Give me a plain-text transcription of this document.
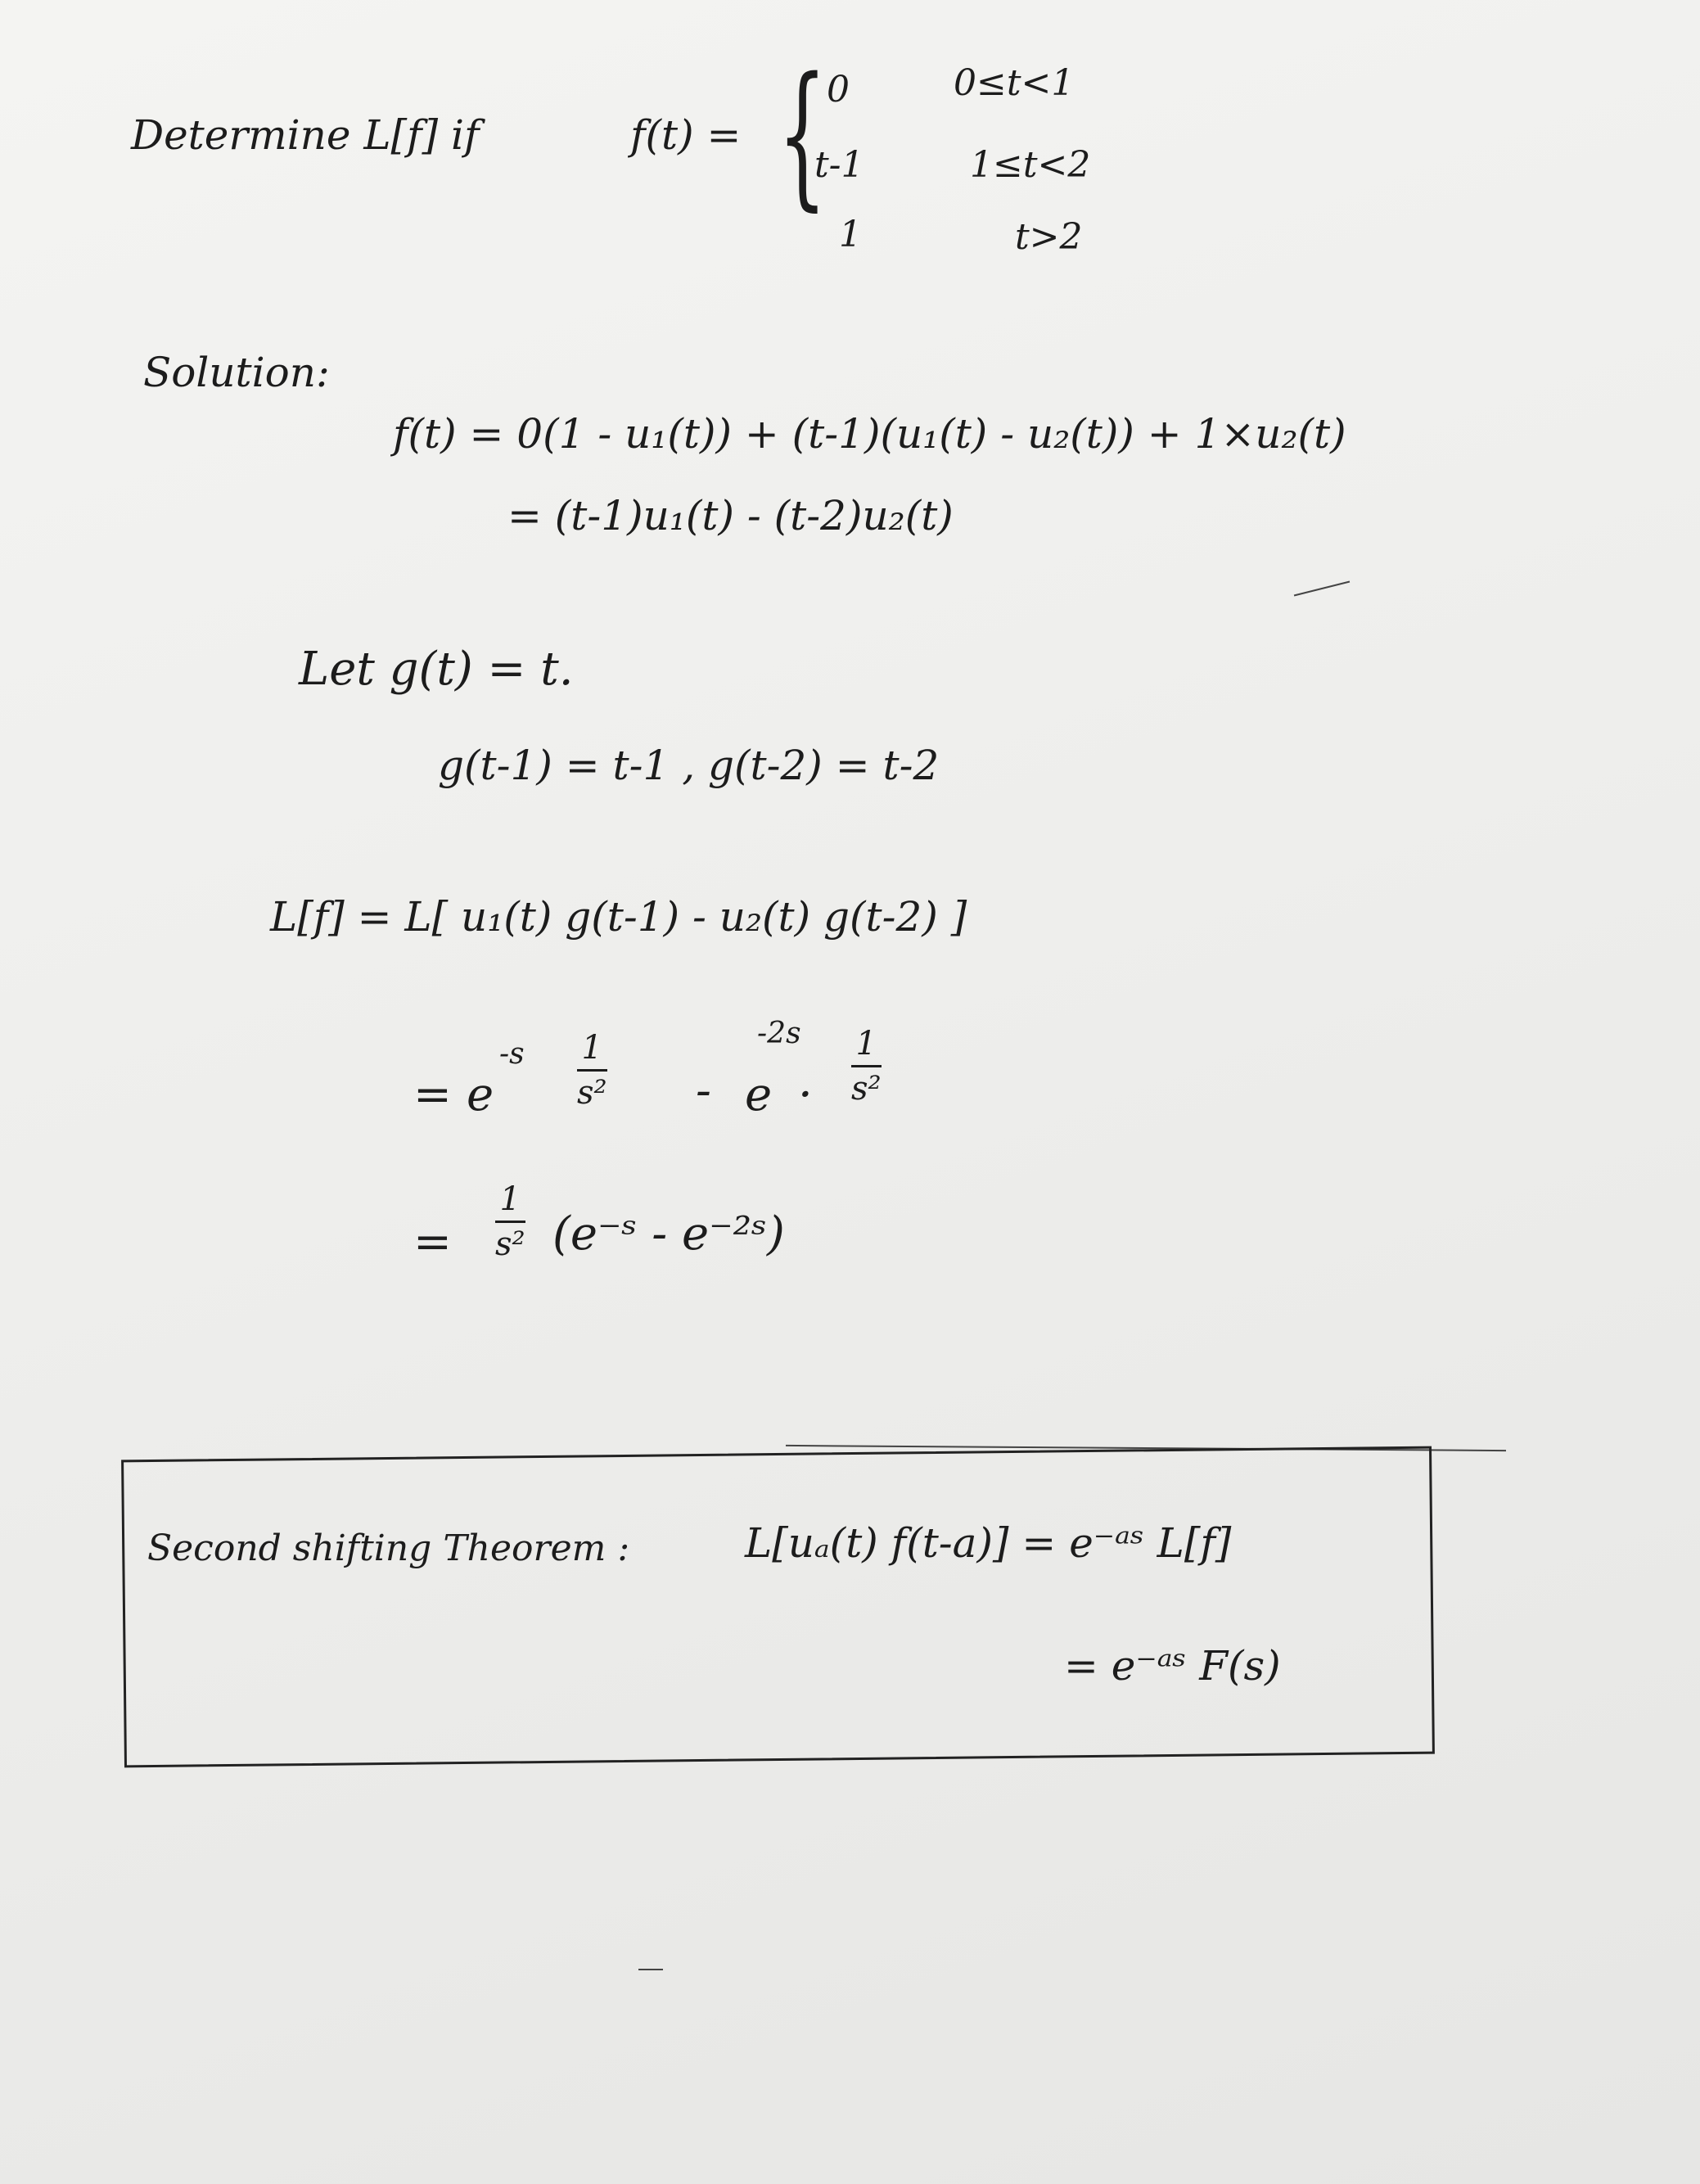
Determine L[f] if	f(t) = { 0
t-1
1
0≤t<1
1≤t<2
t>2
Solution:
f(t) = 0(1 - u₁(t)) + (t-1)(u₁(t) - u₂(t)) + 1×u₂(t)
= (t-1)u₁(t) - (t-2)u₂(t)
Let g(t) = t.
g(t-1) = t-1 , g(t-2) = t-2
L[f] = L[ u₁(t) g(t-1) - u₂(t) g(t-2) ]
= e
-s 1
s² - e
-2s
·
1
s²
=
1
s² (e⁻ˢ - e⁻²ˢ)
Second shifting Theorem :	L[uₐ(t) f(t-a)] = e⁻ᵃˢ L[f]
= e⁻ᵃˢ F(s)
